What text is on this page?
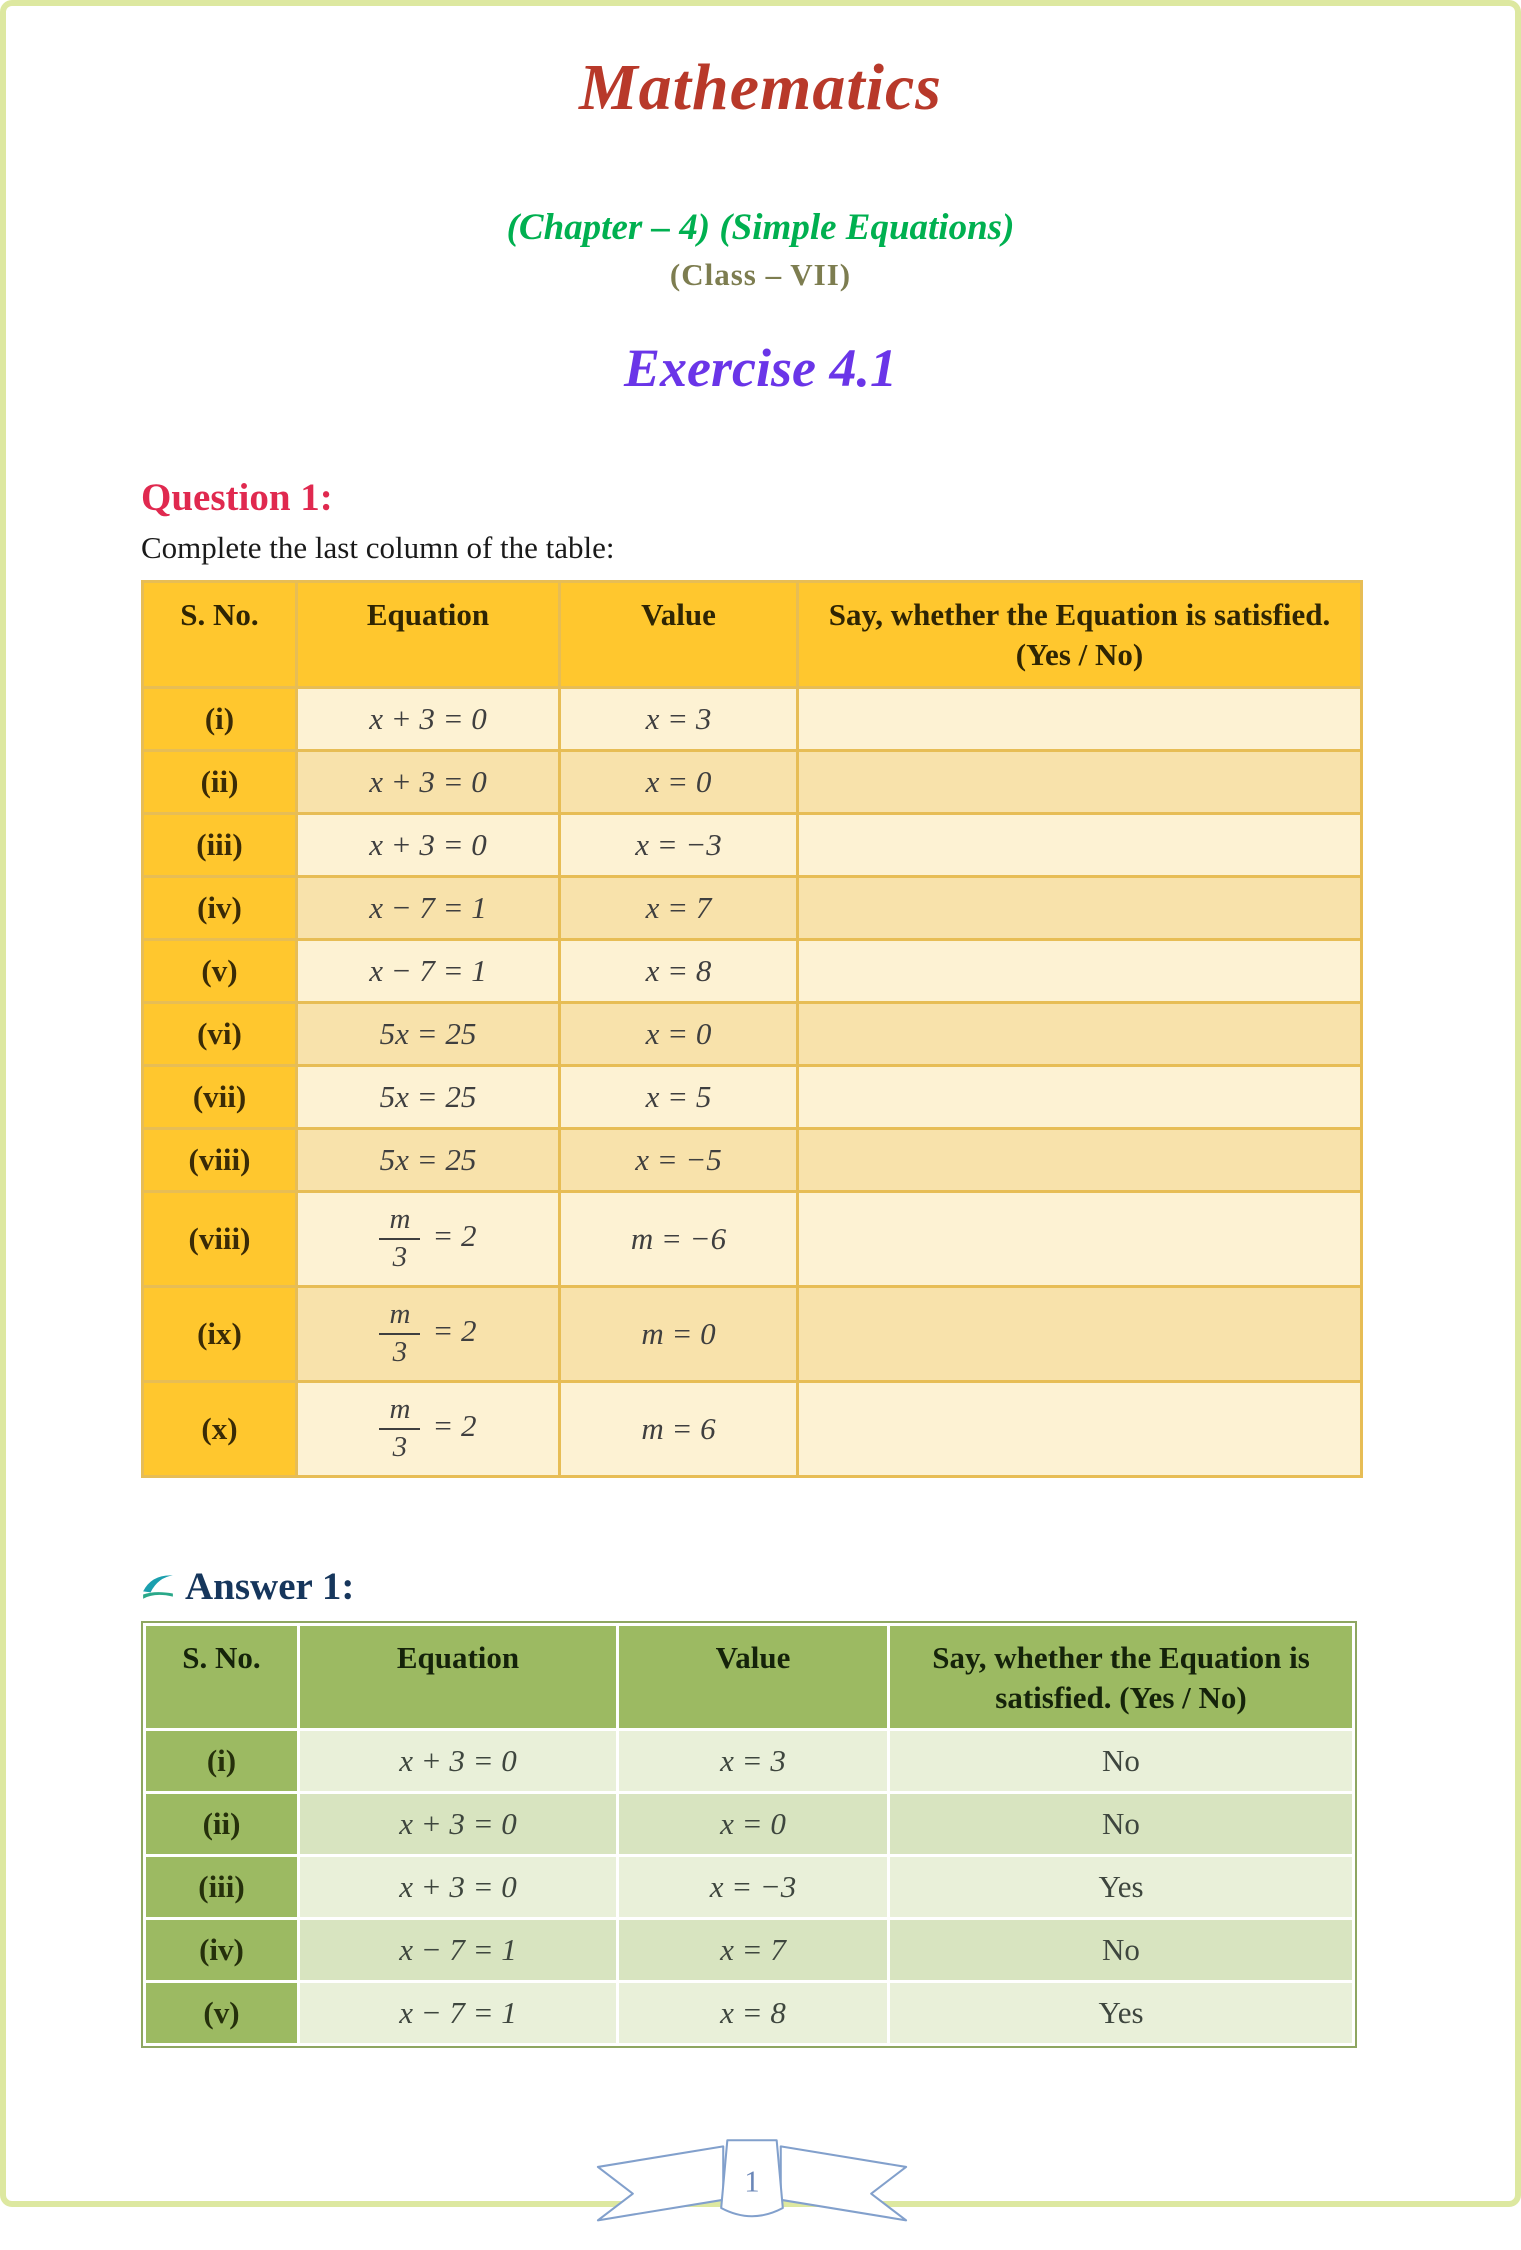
Mathematics
(Chapter – 4) (Simple Equations)
(Class – VII)
Exercise 4.1
Question 1:
Complete the last column of the table:
S. No.	Equation	Value	Say, whether the Equation is satisfied. (Yes / No)
(i)	x + 3 = 0	x = 3	
(ii)	x + 3 = 0	x = 0	
(iii)	x + 3 = 0	x = −3	
(iv)	x − 7 = 1	x = 7	
(v)	x − 7 = 1	x = 8	
(vi)	5x = 25	x = 0	
(vii)	5x = 25	x = 5	
(viii)	5x = 25	x = −5	
(viii)	$\frac{m}{3} = 2$	m = −6	
(ix)	$\frac{m}{3} = 2$	m = 0	
(x)	$\frac{m}{3} = 2$	m = 6	
Answer 1:
S. No.	Equation	Value	Say, whether the Equation is satisfied. (Yes / No)
(i)	x + 3 = 0	x = 3	No
(ii)	x + 3 = 0	x = 0	No
(iii)	x + 3 = 0	x = −3	Yes
(iv)	x − 7 = 1	x = 7	No
(v)	x − 7 = 1	x = 8	Yes
1
